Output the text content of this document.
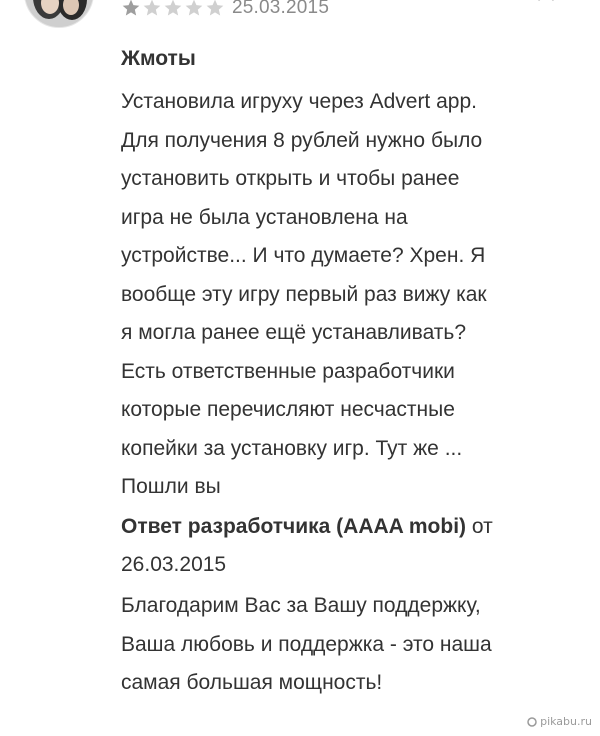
25.03.2015
Жмоты
Установила игруху через Advert app.
Для получения 8 рублей нужно было
установить открыть и чтобы ранее
игра не была установлена на
устройстве... И что думаете? Хрен. Я
вообще эту игру первый раз вижу как
я могла ранее ещё устанавливать?
Есть ответственные разработчики
которые перечисляют несчастные
копейки за установку игр. Тут же ...
Пошли вы
Ответ разработчика (AAAA mobi) от
26.03.2015
Благодарим Вас за Вашу поддержку,
Ваша любовь и поддержка - это наша
самая большая мощность!
pikabu.ru
